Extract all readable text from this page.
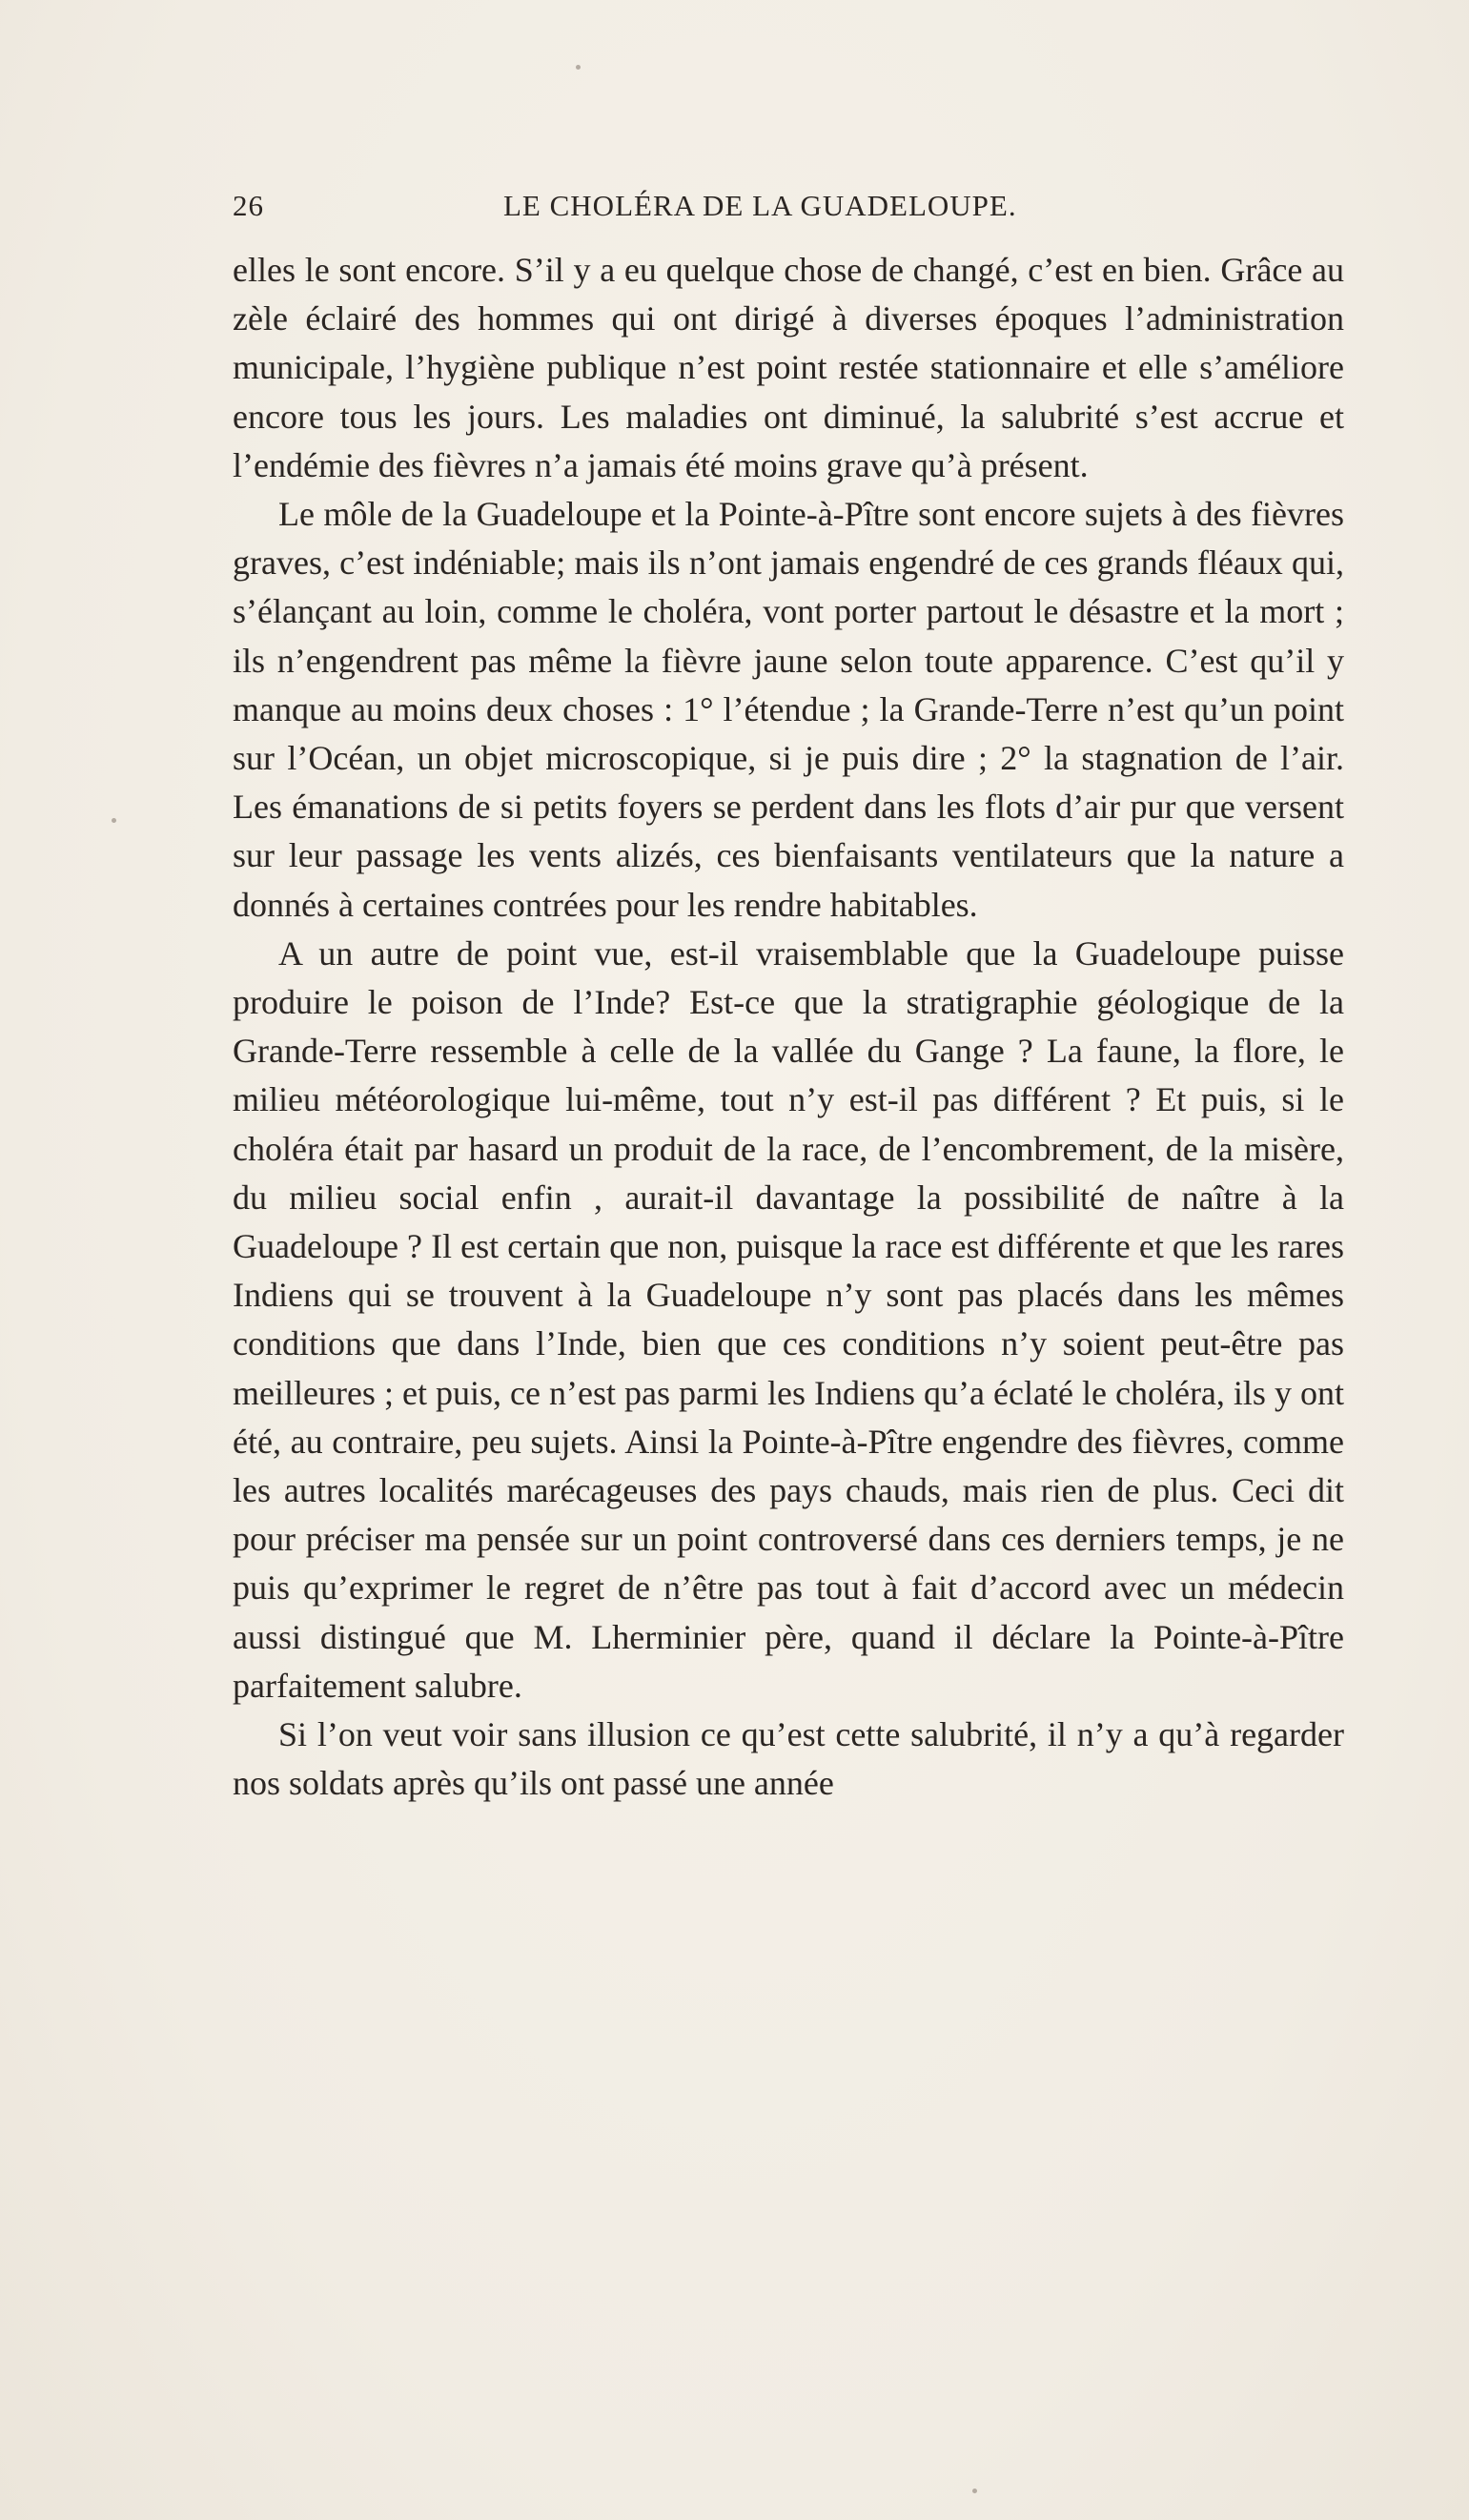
26	LE CHOLÉRA DE LA GUADELOUPE.

elles le sont encore. S’il y a eu quelque chose de changé, c’est en bien. Grâce au zèle éclairé des hommes qui ont dirigé à diverses époques l’administration municipale, l’hygiène publique n’est point restée stationnaire et elle s’améliore encore tous les jours. Les maladies ont diminué, la salubrité s’est accrue et l’endémie des fièvres n’a jamais été moins grave qu’à présent.

Le môle de la Guadeloupe et la Pointe-à-Pître sont encore sujets à des fièvres graves, c’est indéniable; mais ils n’ont jamais engendré de ces grands fléaux qui, s’élançant au loin, comme le choléra, vont porter partout le désastre et la mort ; ils n’engendrent pas même la fièvre jaune selon toute apparence. C’est qu’il y manque au moins deux choses : 1° l’étendue ; la Grande-Terre n’est qu’un point sur l’Océan, un objet microscopique, si je puis dire ; 2° la stagnation de l’air. Les émanations de si petits foyers se perdent dans les flots d’air pur que versent sur leur passage les vents alizés, ces bienfaisants ventilateurs que la nature a donnés à certaines contrées pour les rendre habitables.

A un autre de point vue, est-il vraisemblable que la Guadeloupe puisse produire le poison de l’Inde? Est-ce que la stratigraphie géologique de la Grande-Terre ressemble à celle de la vallée du Gange ? La faune, la flore, le milieu météorologique lui-même, tout n’y est-il pas différent ? Et puis, si le choléra était par hasard un produit de la race, de l’encombrement, de la misère, du milieu social enfin , aurait-il davantage la possibilité de naître à la Guadeloupe ? Il est certain que non, puisque la race est différente et que les rares Indiens qui se trouvent à la Guadeloupe n’y sont pas placés dans les mêmes conditions que dans l’Inde, bien que ces conditions n’y soient peut-être pas meilleures ; et puis, ce n’est pas parmi les Indiens qu’a éclaté le choléra, ils y ont été, au contraire, peu sujets. Ainsi la Pointe-à-Pître engendre des fièvres, comme les autres localités marécageuses des pays chauds, mais rien de plus. Ceci dit pour préciser ma pensée sur un point controversé dans ces derniers temps, je ne puis qu’exprimer le regret de n’être pas tout à fait d’accord avec un médecin aussi distingué que M. Lherminier père, quand il déclare la Pointe-à-Pître parfaitement salubre.

Si l’on veut voir sans illusion ce qu’est cette salubrité, il n’y a qu’à regarder nos soldats après qu’ils ont passé une année
